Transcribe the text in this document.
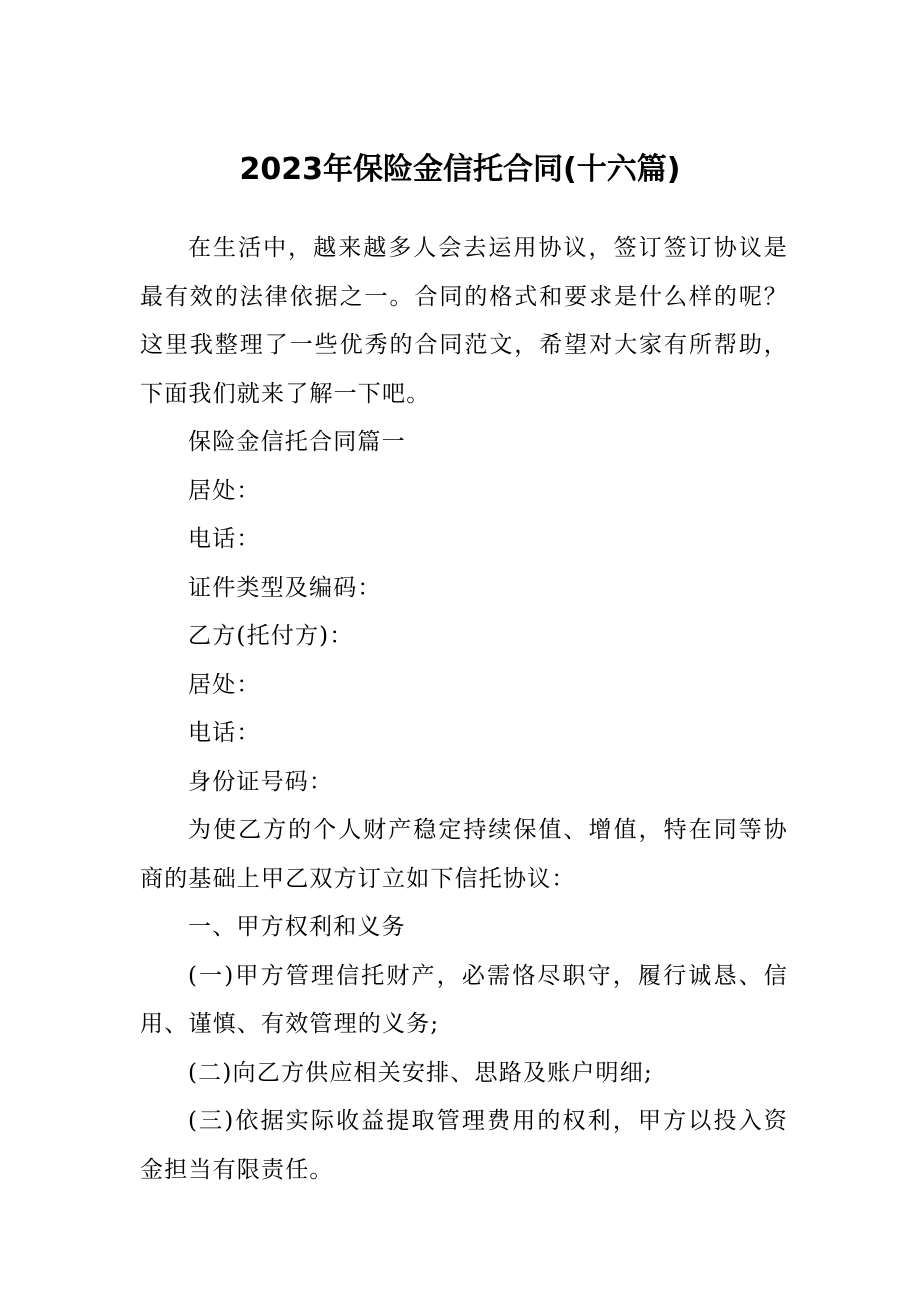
2023年保险金信托合同(十六篇)

在生活中，越来越多人会去运用协议，签订签订协议是最有效的法律依据之一。合同的格式和要求是什么样的呢？这里我整理了一些优秀的合同范文，希望对大家有所帮助，下面我们就来了解一下吧。

保险金信托合同篇一

居处：

电话：

证件类型及编码：

乙方(托付方)：

居处：

电话：

身份证号码：

为使乙方的个人财产稳定持续保值、增值，特在同等协商的基础上甲乙双方订立如下信托协议：

一、甲方权利和义务

(一)甲方管理信托财产，必需恪尽职守，履行诚恳、信用、谨慎、有效管理的义务;

(二)向乙方供应相关安排、思路及账户明细;

(三)依据实际收益提取管理费用的权利，甲方以投入资金担当有限责任。
